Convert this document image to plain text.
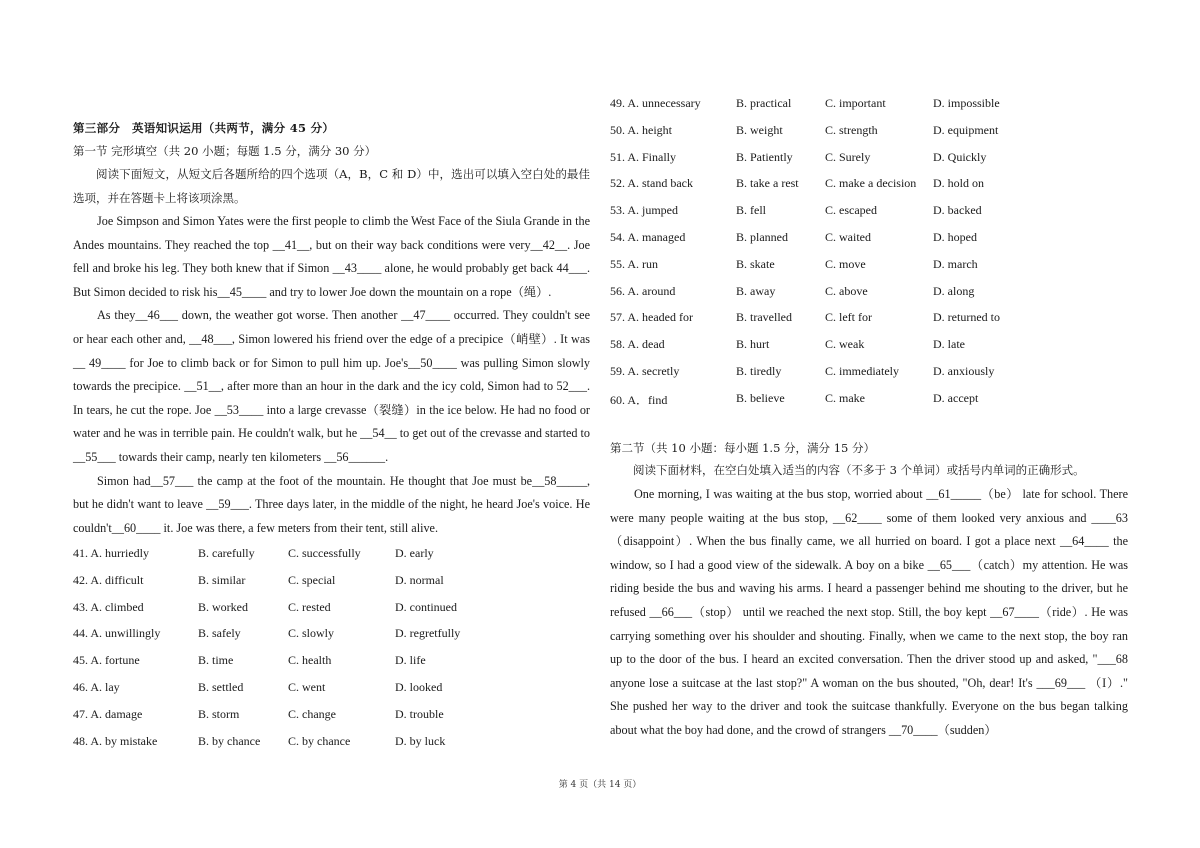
第三部分　英语知识运用（共两节，满分 45 分）
第一节 完形填空（共 20 小题；每题 1.5 分，满分 30 分）
阅读下面短文，从短文后各题所给的四个选项（A，B，C 和 D）中，选出可以填入空白处的最佳选项，并在答题卡上将该项涂黑。

Joe Simpson and Simon Yates were the first people to climb the West Face of the Siula Grande in the Andes mountains. They reached the top __41__, but on their way back conditions were very__42__. Joe fell and broke his leg. They both knew that if Simon __43____ alone, he would probably get back 44___. But Simon decided to risk his__45____ and try to lower Joe down the mountain on a rope（绳）.

As they__46___ down, the weather got worse. Then another __47____ occurred. They couldn't see or hear each other and, __48___, Simon lowered his friend over the edge of a precipice（峭壁）. It was __ 49____ for Joe to climb back or for Simon to pull him up. Joe's__50____ was pulling Simon slowly towards the precipice. __51__, after more than an hour in the dark and the icy cold, Simon had to 52___. In tears, he cut the rope. Joe __53____ into a large crevasse（裂缝）in the ice below. He had no food or water and he was in terrible pain. He couldn't walk, but he __54__ to get out of the crevasse and started to __55___ towards their camp, nearly ten kilometers __56______.

Simon had__57___ the camp at the foot of the mountain. He thought that Joe must be__58_____, but he didn't want to leave __59___. Three days later, in the middle of the night, he heard Joe's voice. He couldn't__60____ it. Joe was there, a few meters from their tent, still alive.

41. A. hurriedly	B. carefully	C. successfully	D. early
42. A. difficult	B. similar	C. special	D. normal
43. A. climbed	B. worked	C. rested	D. continued
44. A. unwillingly	B. safely	C. slowly	D. regretfully
45. A. fortune	B. time	C. health	D. life
46. A. lay	B. settled	C. went	D. looked
47. A. damage	B. storm	C. change	D. trouble
48. A. by mistake	B. by chance C. by chance	D. by luck
49. A. unnecessary	B. practical	C. important	D. impossible
50. A. height	B. weight	C. strength	D. equipment
51. A. Finally	B. Patiently	C. Surely	D. Quickly
52. A. stand back	B. take a rest C. make a decision D. hold on
53. A. jumped	B. fell	C. escaped	D. backed
54. A. managed	B. planned	C. waited	D. hoped
55. A. run	B. skate	C. move	D. march
56. A. around	B. away	C. above	D. along
57. A. headed for	B. travelled	C. left for	D. returned to
58. A. dead	B. hurt	C. weak	D. late
59. A. secretly	B. tiredly	C. immediately	D. anxiously
60. A．find	B. believe	C. make	D. accept
第二节（共 10 小题：每小题 1.5 分，满分 15 分）
阅读下面材料，在空白处填入适当的内容（不多于 3 个单词）或括号内单词的正确形式。
One morning, I was waiting at the bus stop, worried about __61_____（be） late for school. There were many people waiting at the bus stop, __62____ some of them looked very anxious and ____63（disappoint）. When the bus finally came, we all hurried on board. I got a place next __64____ the window, so I had a good view of the sidewalk. A boy on a bike __65___（catch）my attention. He was riding beside the bus and waving his arms. I heard a passenger behind me shouting to the driver, but he refused __66___（stop） until we reached the next stop. Still, the boy kept __67____（ride）. He was carrying something over his shoulder and shouting. Finally, when we came to the next stop, the boy ran up to the door of the bus. I heard an excited conversation. Then the driver stood up and asked, "___68 anyone lose a suitcase at the last stop?" A woman on the bus shouted, "Oh, dear! It's ___69___ （I）." She pushed her way to the driver and took the suitcase thankfully. Everyone on the bus began talking about what the boy had done, and the crowd of strangers __70____（sudden）
第 4 页（共 14 页）
